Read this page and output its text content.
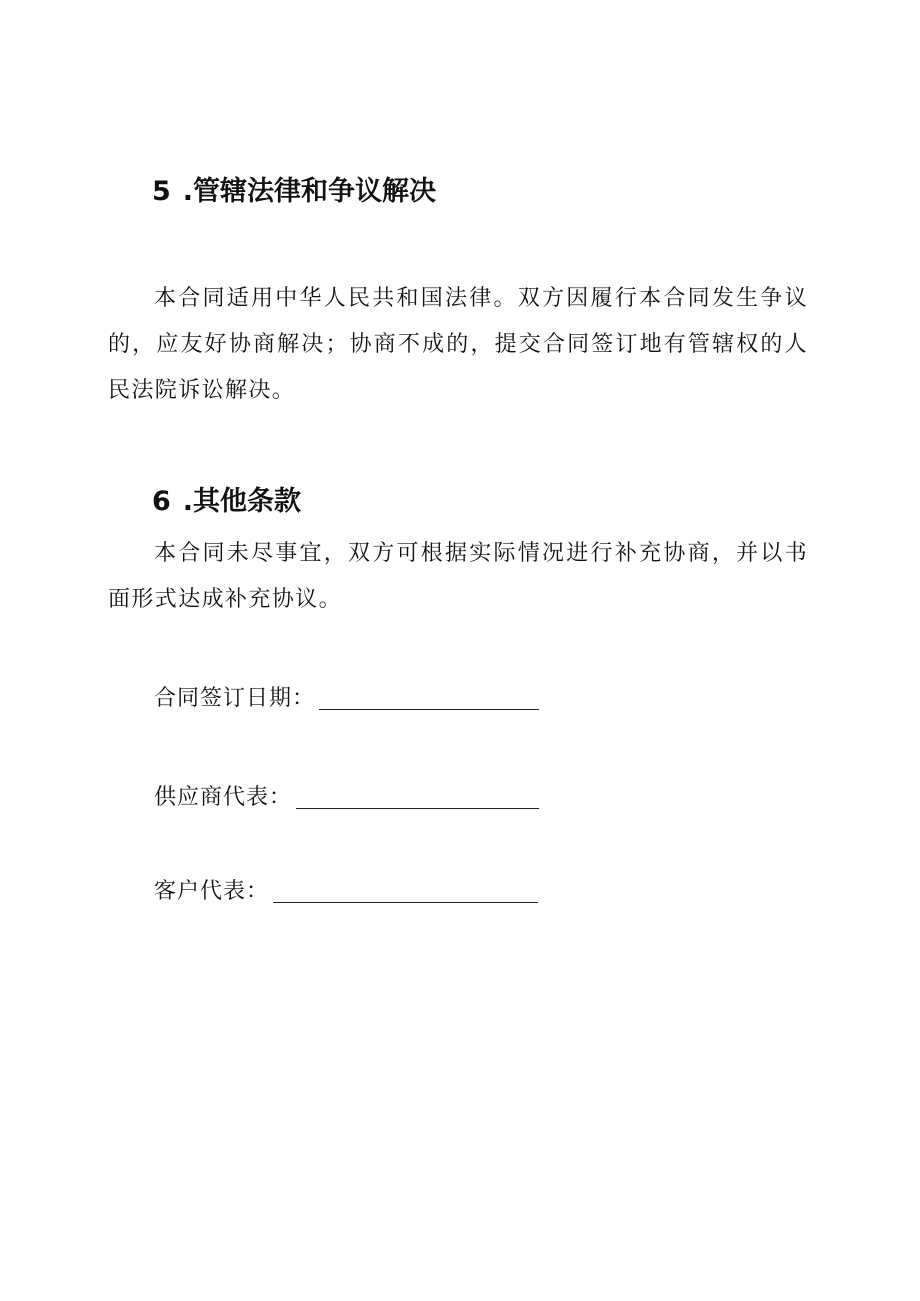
5 .管辖法律和争议解决

本合同适用中华人民共和国法律。双方因履行本合同发生争议的，应友好协商解决；协商不成的，提交合同签订地有管辖权的人民法院诉讼解决。

6 .其他条款

本合同未尽事宜，双方可根据实际情况进行补充协商，并以书面形式达成补充协议。

合同签订日期：
供应商代表：
客户代表：
